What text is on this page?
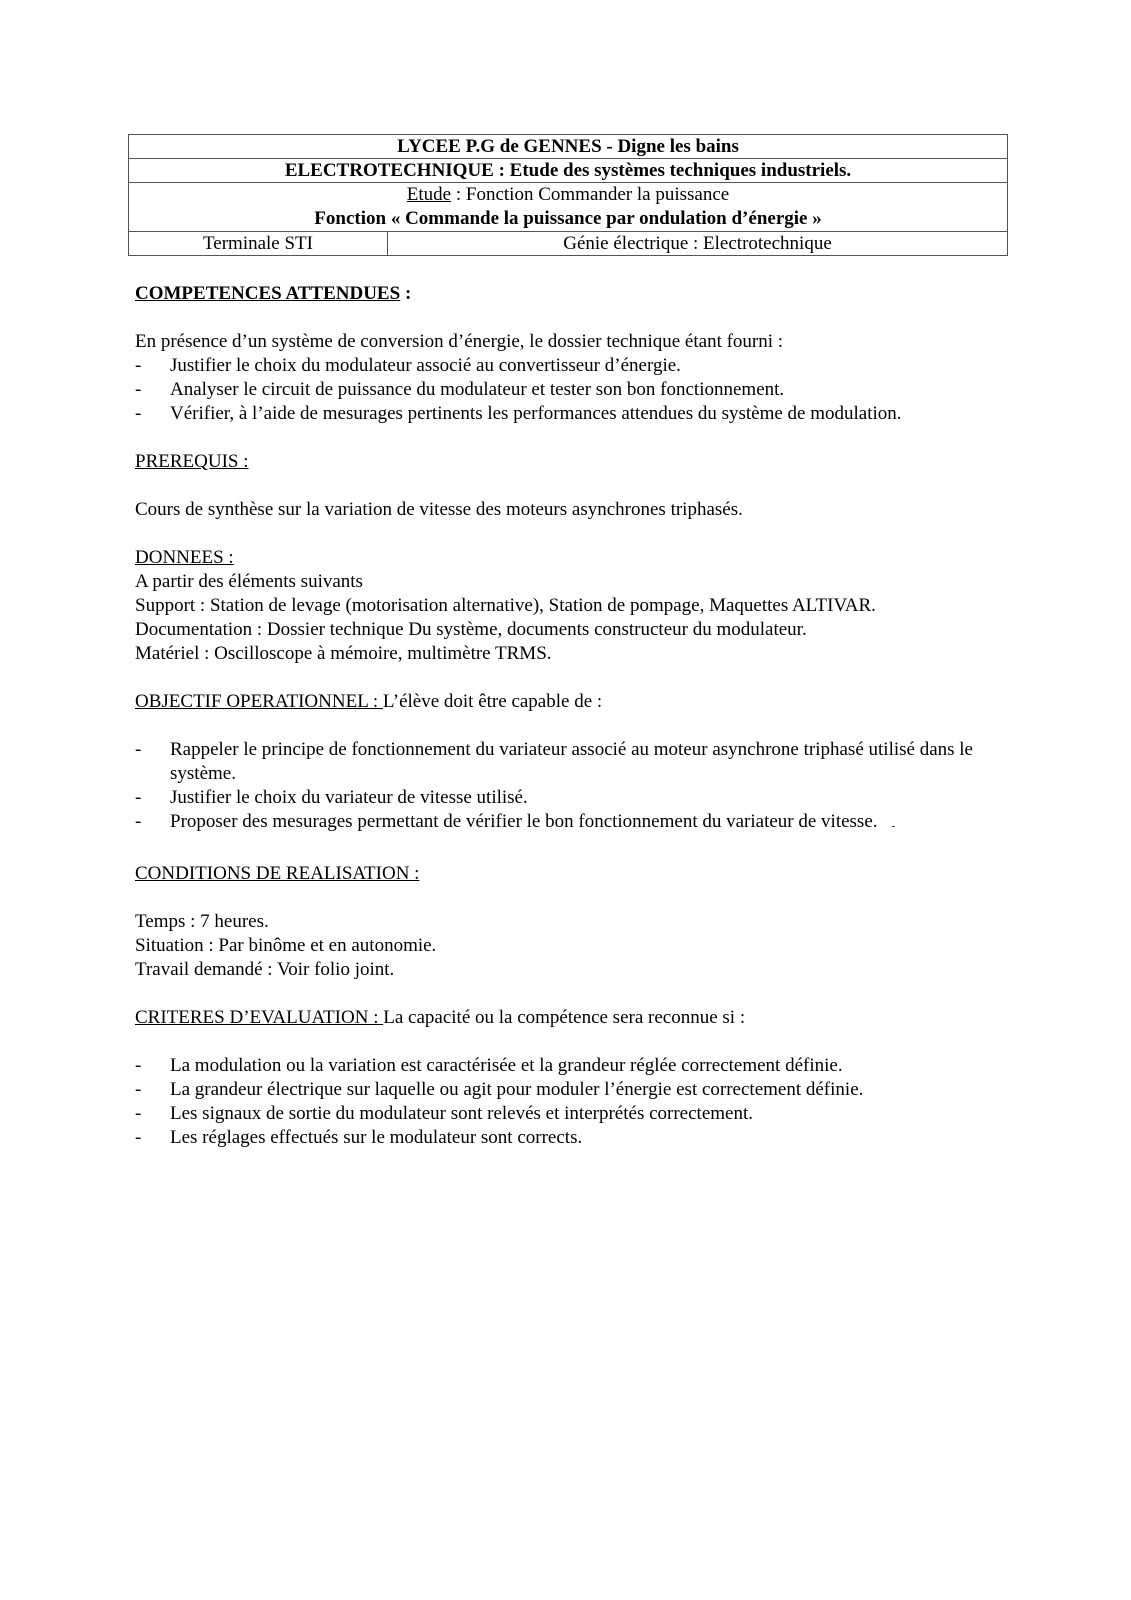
LYCEE P.G de GENNES - Digne les bains
ELECTROTECHNIQUE : Etude des systèmes techniques industriels.

Etude : Fonction Commander la puissance
Fonction « Commande la puissance par ondulation d’énergie »

Terminale STI	Génie électrique : Electrotechnique

COMPETENCES ATTENDUES :

En présence d’un système de conversion d’énergie, le dossier technique étant fourni :

- Justifier le choix du modulateur associé au convertisseur d’énergie.

- Analyser le circuit de puissance du modulateur et tester son bon fonctionnement.

- Vérifier, à l’aide de mesurages pertinents les performances attendues du système de modulation.

PREREQUIS :

Cours de synthèse sur la variation de vitesse des moteurs asynchrones triphasés.

DONNEES :

A partir des éléments suivants

Support : Station de levage (motorisation alternative), Station de pompage, Maquettes ALTIVAR.

Documentation : Dossier technique Du système, documents constructeur du modulateur.

Matériel : Oscilloscope à mémoire, multimètre TRMS.

OBJECTIF OPERATIONNEL : L’élève doit être capable de :

- Rappeler le principe de fonctionnement du variateur associé au moteur asynchrone triphasé utilisé dans le système.

- Justifier le choix du variateur de vitesse utilisé.

- Proposer des mesurages permettant de vérifier le bon fonctionnement du variateur de vitesse. -

CONDITIONS DE REALISATION :

Temps : 7 heures.

Situation : Par binôme et en autonomie.

Travail demandé : Voir folio joint.

CRITERES D’EVALUATION : La capacité ou la compétence sera reconnue si :

- La modulation ou la variation est caractérisée et la grandeur réglée correctement définie.

- La grandeur électrique sur laquelle ou agit pour moduler l’énergie est correctement définie.

- Les signaux de sortie du modulateur sont relevés et interprétés correctement.

- Les réglages effectués sur le modulateur sont corrects.
